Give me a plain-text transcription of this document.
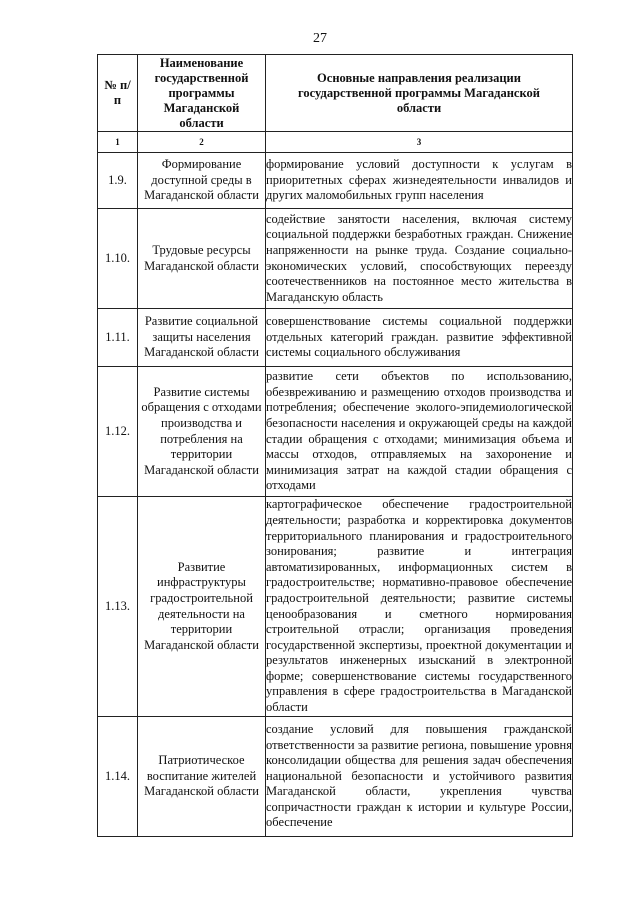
27
№ п/п	Наименование государственной программы Магаданской области	Основные направления реализации государственной программы Магаданской области

1	2	3
1.9.	Формирование доступной среды в Магаданской области	формирование условий доступности к услугам в приоритетных сферах жизнедеятельности инвалидов и других маломобильных групп населения
1.10.	Трудовые ресурсы Магаданской области	содействие занятости населения, включая систему социальной поддержки безработных граждан. Снижение напряженности на рынке труда. Создание социально-экономических условий, способствующих переезду соотечественников на постоянное место жительства в Магаданскую область
1.11.	Развитие социальной защиты населения Магаданской области	совершенствование системы социальной поддержки отдельных категорий граждан. развитие эффективной системы социального обслуживания
1.12.	Развитие системы обращения с отходами производства и потребления на территории Магаданской области	развитие сети объектов по использованию, обезвреживанию и размещению отходов производства и потребления; обеспечение эколого-эпидемиологической безопасности населения и окружающей среды на каждой стадии обращения с отходами; минимизация объема и массы отходов, отправляемых на захоронение и минимизация затрат на каждой стадии обращения с отходами
1.13.	Развитие инфраструктуры градостроительной деятельности на территории Магаданской области	картографическое обеспечение градостроительной деятельности; разработка и корректировка документов территориального планирования и градостроительного зонирования; развитие и интеграция автоматизированных, информационных систем в градостроительстве; нормативно-правовое обеспечение градостроительной деятельности; развитие системы ценообразования и сметного нормирования строительной отрасли; организация проведения государственной экспертизы, проектной документации и результатов инженерных изысканий в электронной форме; совершенствование системы государственного управления в сфере градостроительства в Магаданской области
1.14.	Патриотическое воспитание жителей Магаданской области	создание условий для повышения гражданской ответственности за развитие региона, повышение уровня консолидации общества для решения задач обеспечения национальной безопасности и устойчивого развития Магаданской области, укрепления чувства сопричастности граждан к истории и культуре России, обеспечение
